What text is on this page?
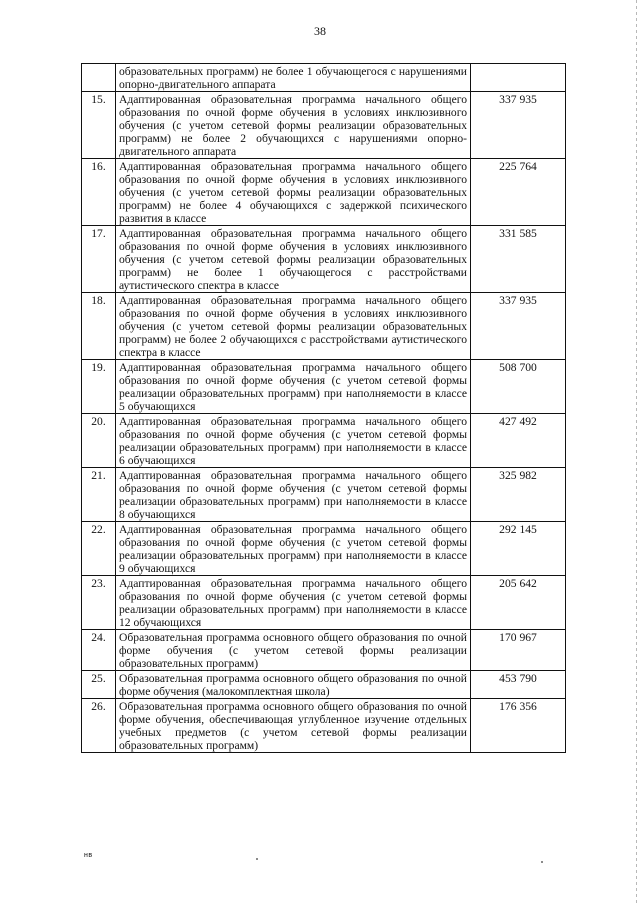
38
	образовательных программ) не более 1 обучающегося с нарушениями опорно-двигательного аппарата	
15.	Адаптированная образовательная программа начального общего образования по очной форме обучения в условиях инклюзивного обучения (с учетом сетевой формы реализации образовательных программ) не более 2 обучающихся с нарушениями опорно-двигательного аппарата	337 935
16.	Адаптированная образовательная программа начального общего образования по очной форме обучения в условиях инклюзивного обучения (с учетом сетевой формы реализации образовательных программ) не более 4 обучающихся с задержкой психического развития в классе	225 764
17.	Адаптированная образовательная программа начального общего образования по очной форме обучения в условиях инклюзивного обучения (с учетом сетевой формы реализации образовательных программ) не более 1 обучающегося с расстройствами аутистического спектра в классе	331 585
18.	Адаптированная образовательная программа начального общего образования по очной форме обучения в условиях инклюзивного обучения (с учетом сетевой формы реализации образовательных программ) не более 2 обучающихся с расстройствами аутистического спектра в классе	337 935
19.	Адаптированная образовательная программа начального общего образования по очной форме обучения (с учетом сетевой формы реализации образовательных программ) при наполняемости в классе 5 обучающихся	508 700
20.	Адаптированная образовательная программа начального общего образования по очной форме обучения (с учетом сетевой формы реализации образовательных программ) при наполняемости в классе 6 обучающихся	427 492
21.	Адаптированная образовательная программа начального общего образования по очной форме обучения (с учетом сетевой формы реализации образовательных программ) при наполняемости в классе 8 обучающихся	325 982
22.	Адаптированная образовательная программа начального общего образования по очной форме обучения (с учетом сетевой формы реализации образовательных программ) при наполняемости в классе 9 обучающихся	292 145
23.	Адаптированная образовательная программа начального общего образования по очной форме обучения (с учетом сетевой формы реализации образовательных программ) при наполняемости в классе 12 обучающихся	205 642
24.	Образовательная программа основного общего образования по очной форме обучения (с учетом сетевой формы реализации образовательных программ)	170 967
25.	Образовательная программа основного общего образования по очной форме обучения (малокомплектная школа)	453 790
26.	Образовательная программа основного общего образования по очной форме обучения, обеспечивающая углубленное изучение отдельных учебных предметов (с учетом сетевой формы реализации образовательных программ)	176 356
нв
